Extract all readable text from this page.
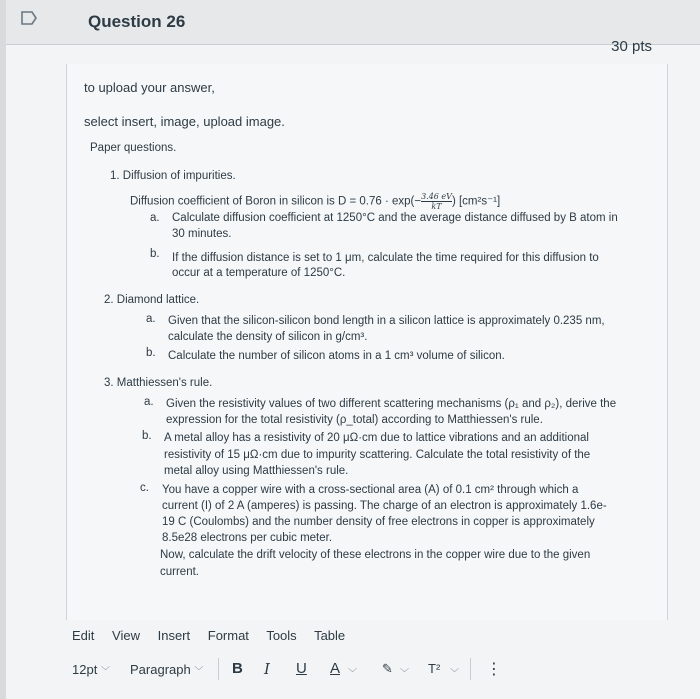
Question 26
30 pts
to upload your answer,
select insert, image, upload image.
Paper questions.
1. Diffusion of impurities.
Diffusion coefficient of Boron in silicon is $D = 0.76 \cdot \exp(- \frac{3.46 eV}{kT}$ ) [cm²s⁻¹]
a. Calculate diffusion coefficient at 1250°C and the average distance diffused by B atom in
30 minutes.
b. If the diffusion distance is set to 1 μm, calculate the time required for this diffusion to
occur at a temperature of 1250°C.
2. Diamond lattice.
a. Given that the silicon-silicon bond length in a silicon lattice is approximately 0.235 nm,
calculate the density of silicon in g/cm³.
b. Calculate the number of silicon atoms in a 1 cm³ volume of silicon.
3. Matthiessen's rule.
a. Given the resistivity values of two different scattering mechanisms (ρ₁ and ρ₂), derive the
expression for the total resistivity (ρ_total) according to Matthiessen's rule.
b. A metal alloy has a resistivity of 20 μΩ·cm due to lattice vibrations and an additional
resistivity of 15 μΩ·cm due to impurity scattering. Calculate the total resistivity of the
metal alloy using Matthiessen's rule.
c. You have a copper wire with a cross-sectional area (A) of 0.1 cm² through which a
current (I) of 2 A (amperes) is passing. The charge of an electron is approximately 1.6e-
19 C (Coulombs) and the number density of free electrons in copper is approximately
8.5e28 electrons per cubic meter.
Now, calculate the drift velocity of these electrons in the copper wire due to the given
current.
Edit View Insert Format Tools Table
12pt ﹀ Paragraph ﹀ B I U A ﹀ ✎ ﹀ T² ﹀ ⋮
